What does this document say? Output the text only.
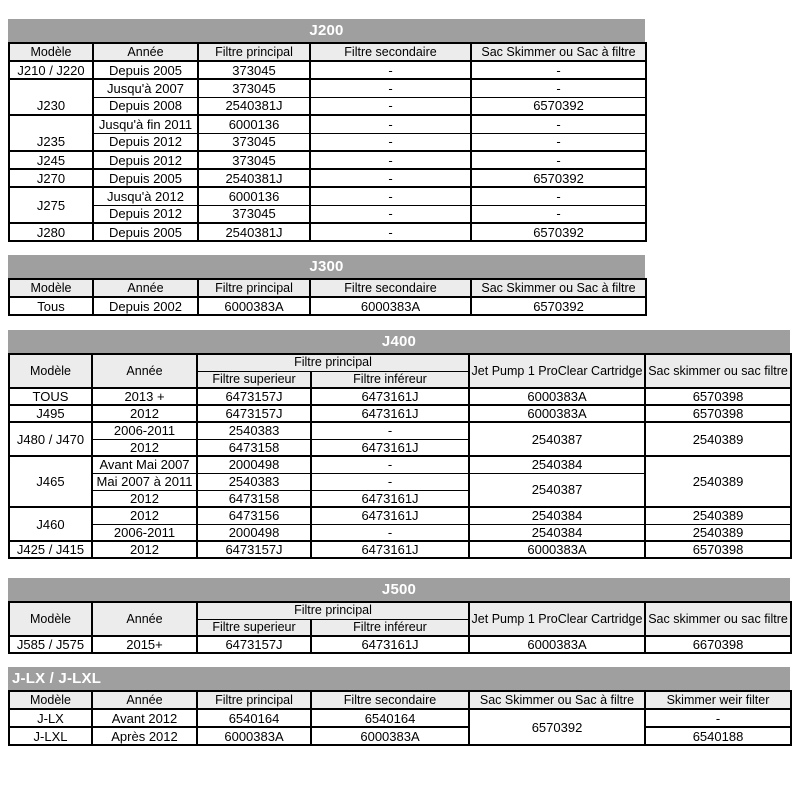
J200
Modèle	Année	Filtre principal	Filtre secondaire	Sac Skimmer ou Sac à filtre
J210 / J220	Depuis 2005	373045	-	-
J230	Jusqu'à 2007	373045	-	-
	Depuis 2008	2540381J	-	6570392
J235	Jusqu'à fin 2011	6000136	-	-
	Depuis 2012	373045	-	-
J245	Depuis 2012	373045	-	-
J270	Depuis 2005	2540381J	-	6570392
J275	Jusqu'à 2012	6000136	-	-
	Depuis 2012	373045	-	-
J280	Depuis 2005	2540381J	-	6570392
J300
Modèle	Année	Filtre principal	Filtre secondaire	Sac Skimmer ou Sac à filtre
Tous	Depuis 2002	6000383A	6000383A	6570392
J400
Modèle	Année	Filtre principal		Jet Pump 1 ProClear Cartridge	Sac skimmer ou sac filtre
		Filtre superieur	Filtre inféreur		
TOUS	2013 +	6473157J	6473161J	6000383A	6570398
J495	2012	6473157J	6473161J	6000383A	6570398
J480 / J470	2006-2011	2540383	-	2540387	2540389
	2012	6473158	6473161J		
J465	Avant Mai 2007	2000498	-	2540384	2540389
	Mai 2007 à 2011	2540383	-	2540387	
	2012	6473158	6473161J		
J460	2012	6473156	6473161J	2540384	2540389
	2006-2011	2000498	-	2540384	2540389
J425 / J415	2012	6473157J	6473161J	6000383A	6570398
J500
Modèle	Année	Filtre principal		Jet Pump 1 ProClear Cartridge	Sac skimmer ou sac filtre
		Filtre superieur	Filtre inféreur		
J585 / J575	2015+	6473157J	6473161J	6000383A	6670398
J-LX / J-LXL
Modèle	Année	Filtre principal	Filtre secondaire	Sac Skimmer ou Sac à filtre	Skimmer weir filter
J-LX	Avant 2012	6540164	6540164	6570392	-
J-LXL	Après 2012	6000383A	6000383A		6540188
